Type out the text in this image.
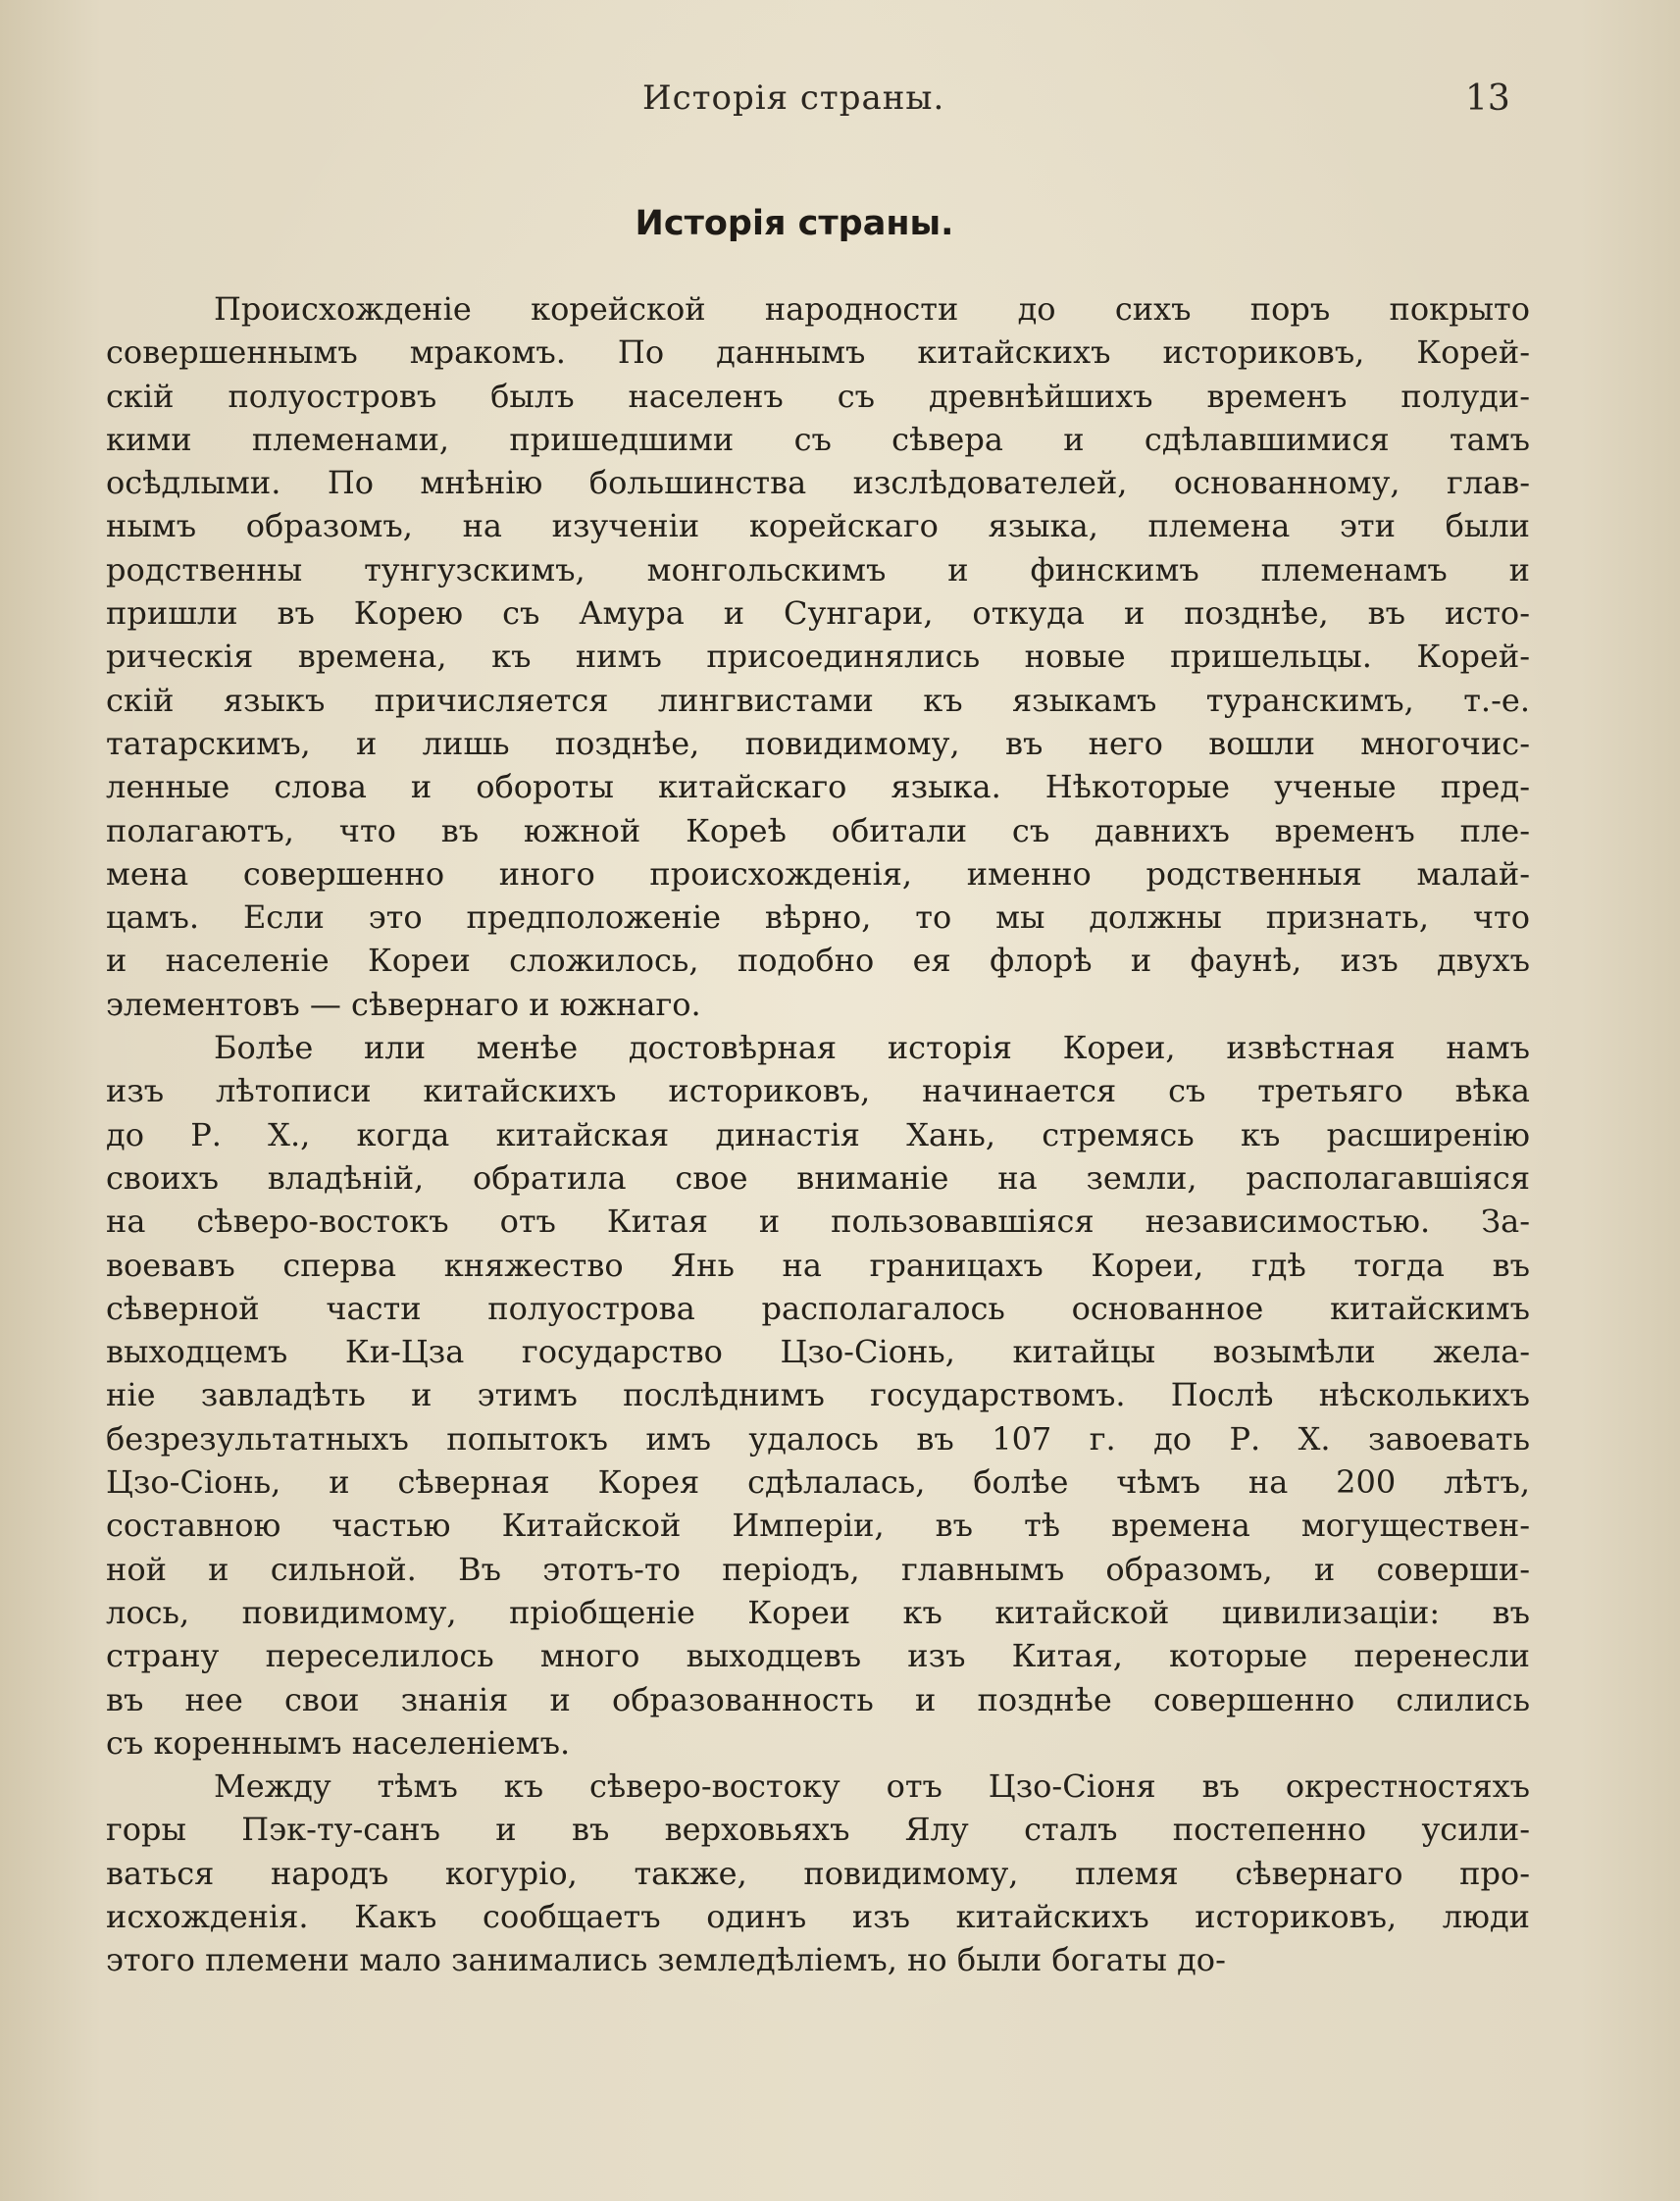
Исторія страны.	13
Исторія страны.
Происхожденіе корейской народности до сихъ поръ покрыто
совершеннымъ мракомъ. По даннымъ китайскихъ историковъ, Корей-
скій полуостровъ былъ населенъ съ древнѣйшихъ временъ полуди-
кими племенами, пришедшими съ сѣвера и сдѣлавшимися тамъ
осѣдлыми. По мнѣнію большинства изслѣдователей, основанному, глав-
нымъ образомъ, на изученіи корейскаго языка, племена эти были
родственны тунгузскимъ, монгольскимъ и финскимъ племенамъ и
пришли въ Корею съ Амура и Сунгари, откуда и позднѣе, въ исто-
рическія времена, къ нимъ присоединялись новые пришельцы. Корей-
скій языкъ причисляется лингвистами къ языкамъ туранскимъ, т.-е.
татарскимъ, и лишь позднѣе, повидимому, въ него вошли многочис-
ленные слова и обороты китайскаго языка. Нѣкоторые ученые пред-
полагаютъ, что въ южной Кореѣ обитали съ давнихъ временъ пле-
мена совершенно иного происхожденія, именно родственныя малай-
цамъ. Если это предположеніе вѣрно, то мы должны признать, что
и населеніе Кореи сложилось, подобно ея флорѣ и фаунѣ, изъ двухъ
элементовъ — сѣвернаго и южнаго.
Болѣе или менѣе достовѣрная исторія Кореи, извѣстная намъ
изъ лѣтописи китайскихъ историковъ, начинается съ третьяго вѣка
до Р. Х., когда китайская династія Хань, стремясь къ расширенію
своихъ владѣній, обратила свое вниманіе на земли, располагавшіяся
на сѣверо-востокъ отъ Китая и пользовавшіяся независимостью. За-
воевавъ сперва княжество Янь на границахъ Кореи, гдѣ тогда въ
сѣверной части полуострова располагалось основанное китайскимъ
выходцемъ Ки-Цза государство Цзо-Сіонь, китайцы возымѣли жела-
ніе завладѣть и этимъ послѣднимъ государствомъ. Послѣ нѣсколькихъ
безрезультатныхъ попытокъ имъ удалось въ 107 г. до Р. Х. завоевать
Цзо-Сіонь, и сѣверная Корея сдѣлалась, болѣе чѣмъ на 200 лѣтъ,
составною частью Китайской Имперіи, въ тѣ времена могуществен-
ной и сильной. Въ этотъ-то періодъ, главнымъ образомъ, и соверши-
лось, повидимому, пріобщеніе Кореи къ китайской цивилизаціи: въ
страну переселилось много выходцевъ изъ Китая, которые перенесли
въ нее свои знанія и образованность и позднѣе совершенно слились
съ кореннымъ населеніемъ.
Между тѣмъ къ сѣверо-востоку отъ Цзо-Сіоня въ окрестностяхъ
горы Пэк-ту-санъ и въ верховьяхъ Ялу сталъ постепенно усили-
ваться народъ когуріо, также, повидимому, племя сѣвернаго про-
исхожденія. Какъ сообщаетъ одинъ изъ китайскихъ историковъ, люди
этого племени мало занимались земледѣліемъ, но были богаты до-
